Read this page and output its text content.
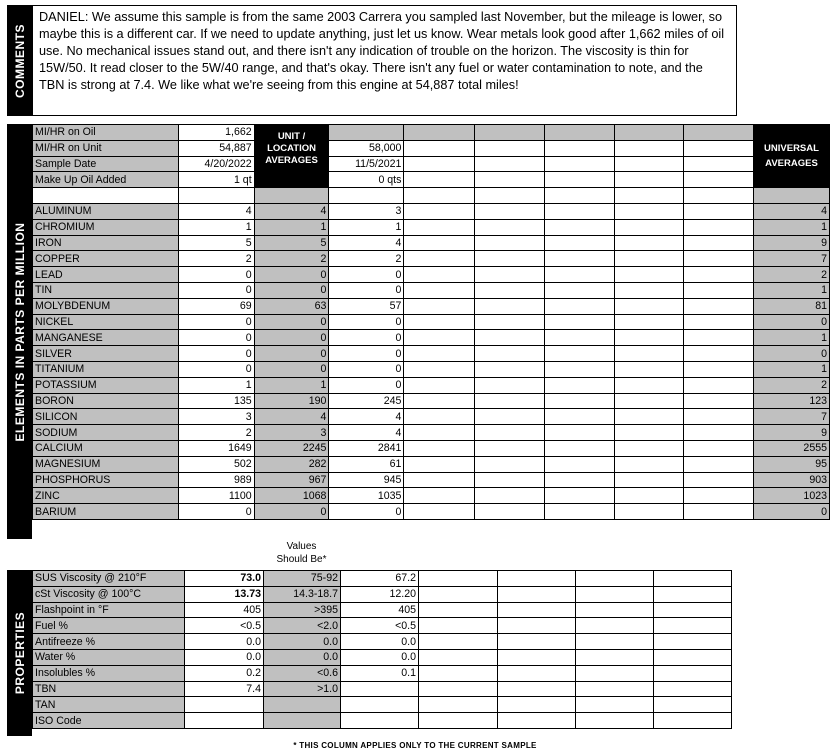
COMMENTS
DANIEL: We assume this sample is from the same 2003 Carrera you sampled last November, but the mileage is lower, so maybe this is a different car. If we need to update anything, just let us know. Wear metals look good after 1,662 miles of oil use. No mechanical issues stand out, and there isn't any indication of trouble on the horizon. The viscosity is thin for 15W/50. It read closer to the 5W/40 range, and that's okay. There isn't any fuel or water contamination to note, and the TBN is strong at 7.4. We like what we're seeing from this engine at 54,887 total miles!
ELEMENTS IN PARTS PER MILLION
MI/HR on Oil	1,662	UNIT / LOCATION AVERAGES							UNIVERSAL AVERAGES
MI/HR on Unit	54,887		58,000						
Sample Date	4/20/2022		11/5/2021						
Make Up Oil Added	1 qt		0 qts						

ALUMINUM	4	4	3						4
CHROMIUM	1	1	1						1
IRON	5	5	4						9
COPPER	2	2	2						7
LEAD	0	0	0						2
TIN	0	0	0						1
MOLYBDENUM	69	63	57						81
NICKEL	0	0	0						0
MANGANESE	0	0	0						1
SILVER	0	0	0						0
TITANIUM	0	0	0						1
POTASSIUM	1	1	0						2
BORON	135	190	245						123
SILICON	3	4	4						7
SODIUM	2	3	4						9
CALCIUM	1649	2245	2841						2555
MAGNESIUM	502	282	61						95
PHOSPHORUS	989	967	945						903
ZINC	1100	1068	1035						1023
BARIUM	0	0	0						0
Values
Should Be*
PROPERTIES
SUS Viscosity @ 210°F	73.0	75-92	67.2				
cSt Viscosity @ 100°C	13.73	14.3-18.7	12.20				
Flashpoint in °F	405	>395	405				
Fuel %	<0.5	<2.0	<0.5				
Antifreeze %	0.0	0.0	0.0				
Water %	0.0	0.0	0.0				
Insolubles %	0.2	<0.6	0.1				
TBN	7.4	>1.0					
TAN							
ISO Code							
* THIS COLUMN APPLIES ONLY TO THE CURRENT SAMPLE
